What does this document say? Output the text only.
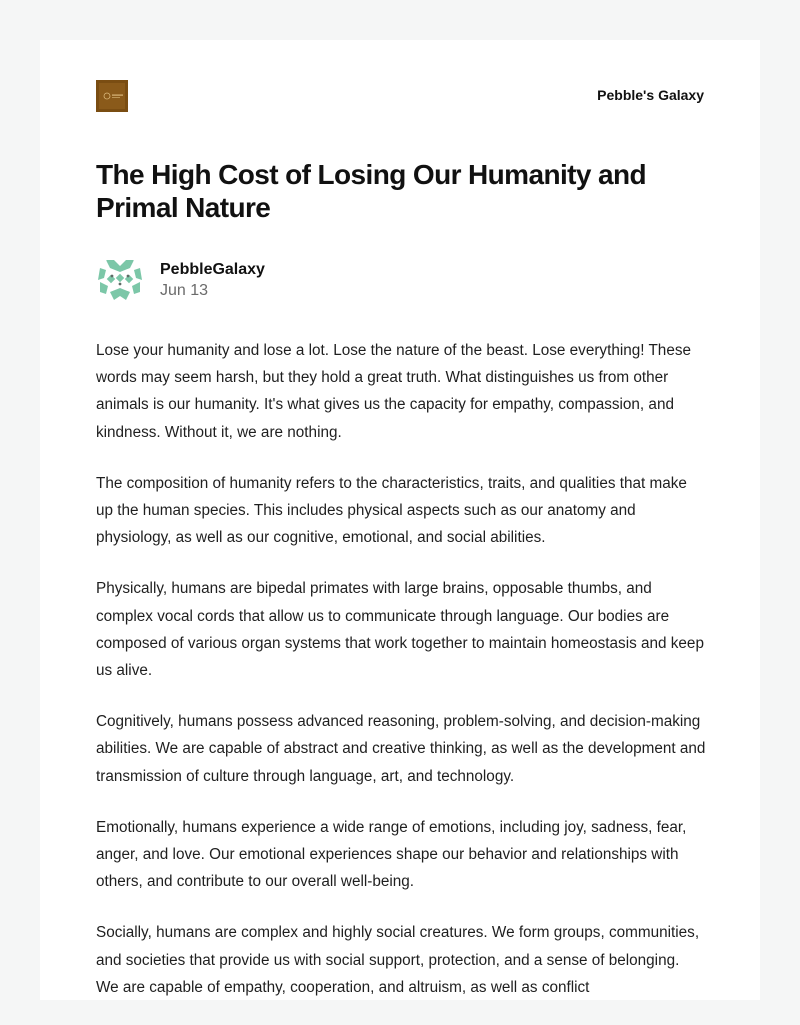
Pebble's Galaxy
The High Cost of Losing Our Humanity and Primal Nature
PebbleGalaxy
Jun 13

Lose your humanity and lose a lot. Lose the nature of the beast. Lose everything! These words may seem harsh, but they hold a great truth. What distinguishes us from other animals is our humanity. It's what gives us the capacity for empathy, compassion, and kindness. Without it, we are nothing.

The composition of humanity refers to the characteristics, traits, and qualities that make up the human species. This includes physical aspects such as our anatomy and physiology, as well as our cognitive, emotional, and social abilities.

Physically, humans are bipedal primates with large brains, opposable thumbs, and complex vocal cords that allow us to communicate through language. Our bodies are composed of various organ systems that work together to maintain homeostasis and keep us alive.

Cognitively, humans possess advanced reasoning, problem-solving, and decision-making abilities. We are capable of abstract and creative thinking, as well as the development and transmission of culture through language, art, and technology.

Emotionally, humans experience a wide range of emotions, including joy, sadness, fear, anger, and love. Our emotional experiences shape our behavior and relationships with others, and contribute to our overall well-being.

Socially, humans are complex and highly social creatures. We form groups, communities, and societies that provide us with social support, protection, and a sense of belonging. We are capable of empathy, cooperation, and altruism, as well as conflict
